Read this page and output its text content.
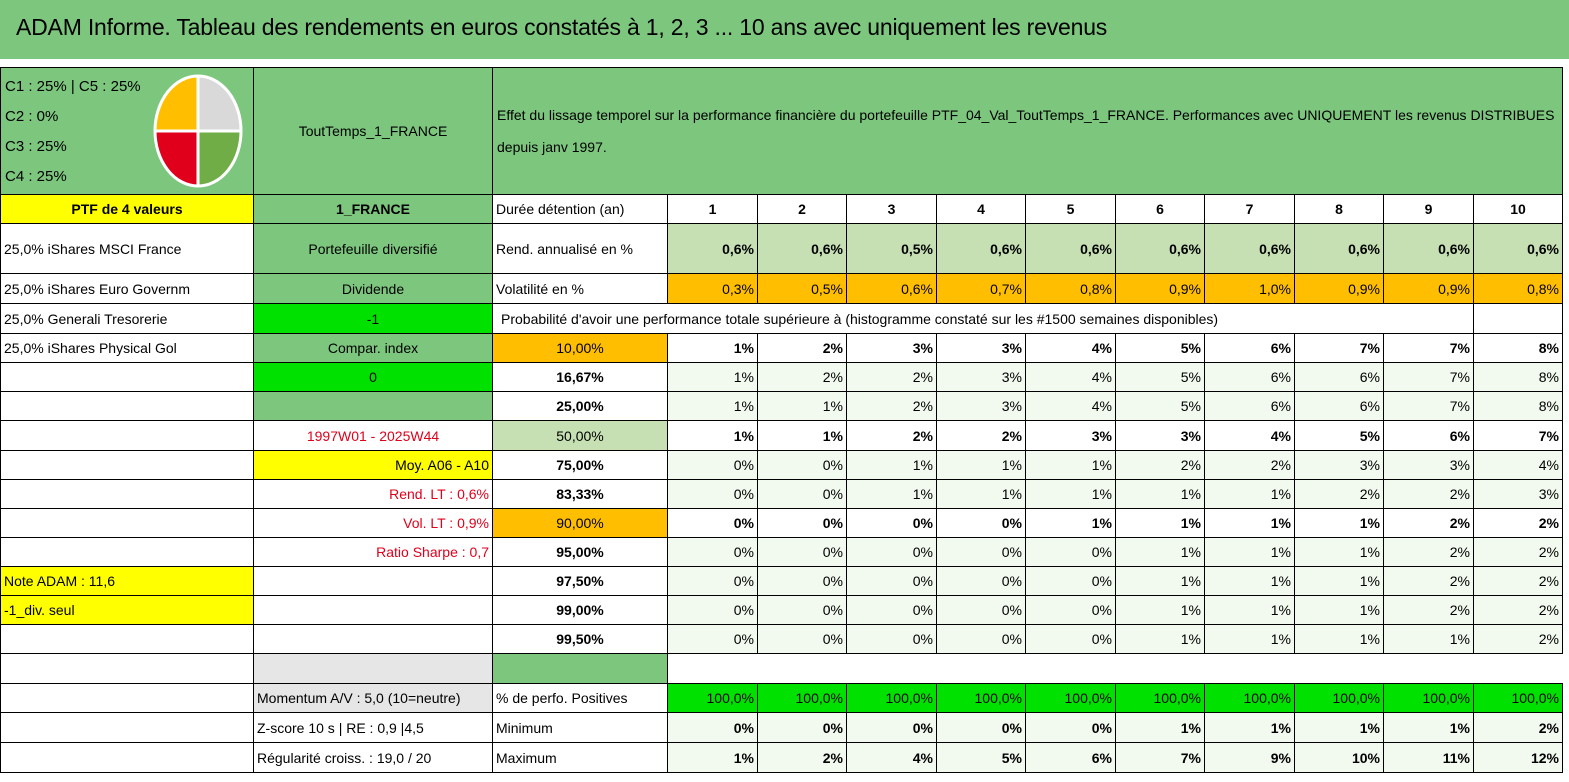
ADAM Informe. Tableau des rendements en euros constatés à 1, 2, 3 ... 10 ans avec uniquement les revenus
C1 : 25% | C5 : 25%
C2 : 0%
C3 : 25%
C4 : 25%	ToutTemps_1_FRANCE	Effet du lissage temporel sur la performance financière du portefeuille PTF_04_Val_ToutTemps_1_FRANCE. Performances avec UNIQUEMENT les revenus DISTRIBUES depuis janv 1997.										
PTF de 4 valeurs	1_FRANCE	Durée détention (an)	1	2	3	4	5	6	7	8	9	10
25,0% iShares MSCI France	Portefeuille diversifié	Rend. annualisé en %	0,6%	0,6%	0,5%	0,6%	0,6%	0,6%	0,6%	0,6%	0,6%	0,6%
25,0% iShares Euro Governm	Dividende	Volatilité en %	0,3%	0,5%	0,6%	0,7%	0,8%	0,9%	1,0%	0,9%	0,9%	0,8%
25,0% Generali Tresorerie	-1	Probabilité d'avoir une performance totale supérieure à (histogramme constaté sur les #1500 semaines disponibles)										
25,0% iShares Physical Gol	Compar. index	10,00%	1%	2%	3%	3%	4%	5%	6%	7%	7%	8%
	0	16,67%	1%	2%	2%	3%	4%	5%	6%	6%	7%	8%
		25,00%	1%	1%	2%	3%	4%	5%	6%	6%	7%	8%
	1997W01 - 2025W44	50,00%	1%	1%	2%	2%	3%	3%	4%	5%	6%	7%
	Moy. A06 - A10	75,00%	0%	0%	1%	1%	1%	2%	2%	3%	3%	4%
	Rend. LT : 0,6%	83,33%	0%	0%	1%	1%	1%	1%	1%	2%	2%	3%
	Vol. LT : 0,9%	90,00%	0%	0%	0%	0%	1%	1%	1%	1%	2%	2%
	Ratio Sharpe : 0,7	95,00%	0%	0%	0%	0%	0%	1%	1%	1%	2%	2%
Note ADAM : 11,6		97,50%	0%	0%	0%	0%	0%	1%	1%	1%	2%	2%
-1_div. seul		99,00%	0%	0%	0%	0%	0%	1%	1%	1%	2%	2%
		99,50%	0%	0%	0%	0%	0%	1%	1%	1%	1%	2%

	Momentum A/V : 5,0 (10=neutre)	% de perfo. Positives	100,0%	100,0%	100,0%	100,0%	100,0%	100,0%	100,0%	100,0%	100,0%	100,0%
	Z-score 10 s | RE : 0,9 |4,5	Minimum	0%	0%	0%	0%	0%	1%	1%	1%	1%	2%
	Régularité croiss. : 19,0 / 20	Maximum	1%	2%	4%	5%	6%	7%	9%	10%	11%	12%
